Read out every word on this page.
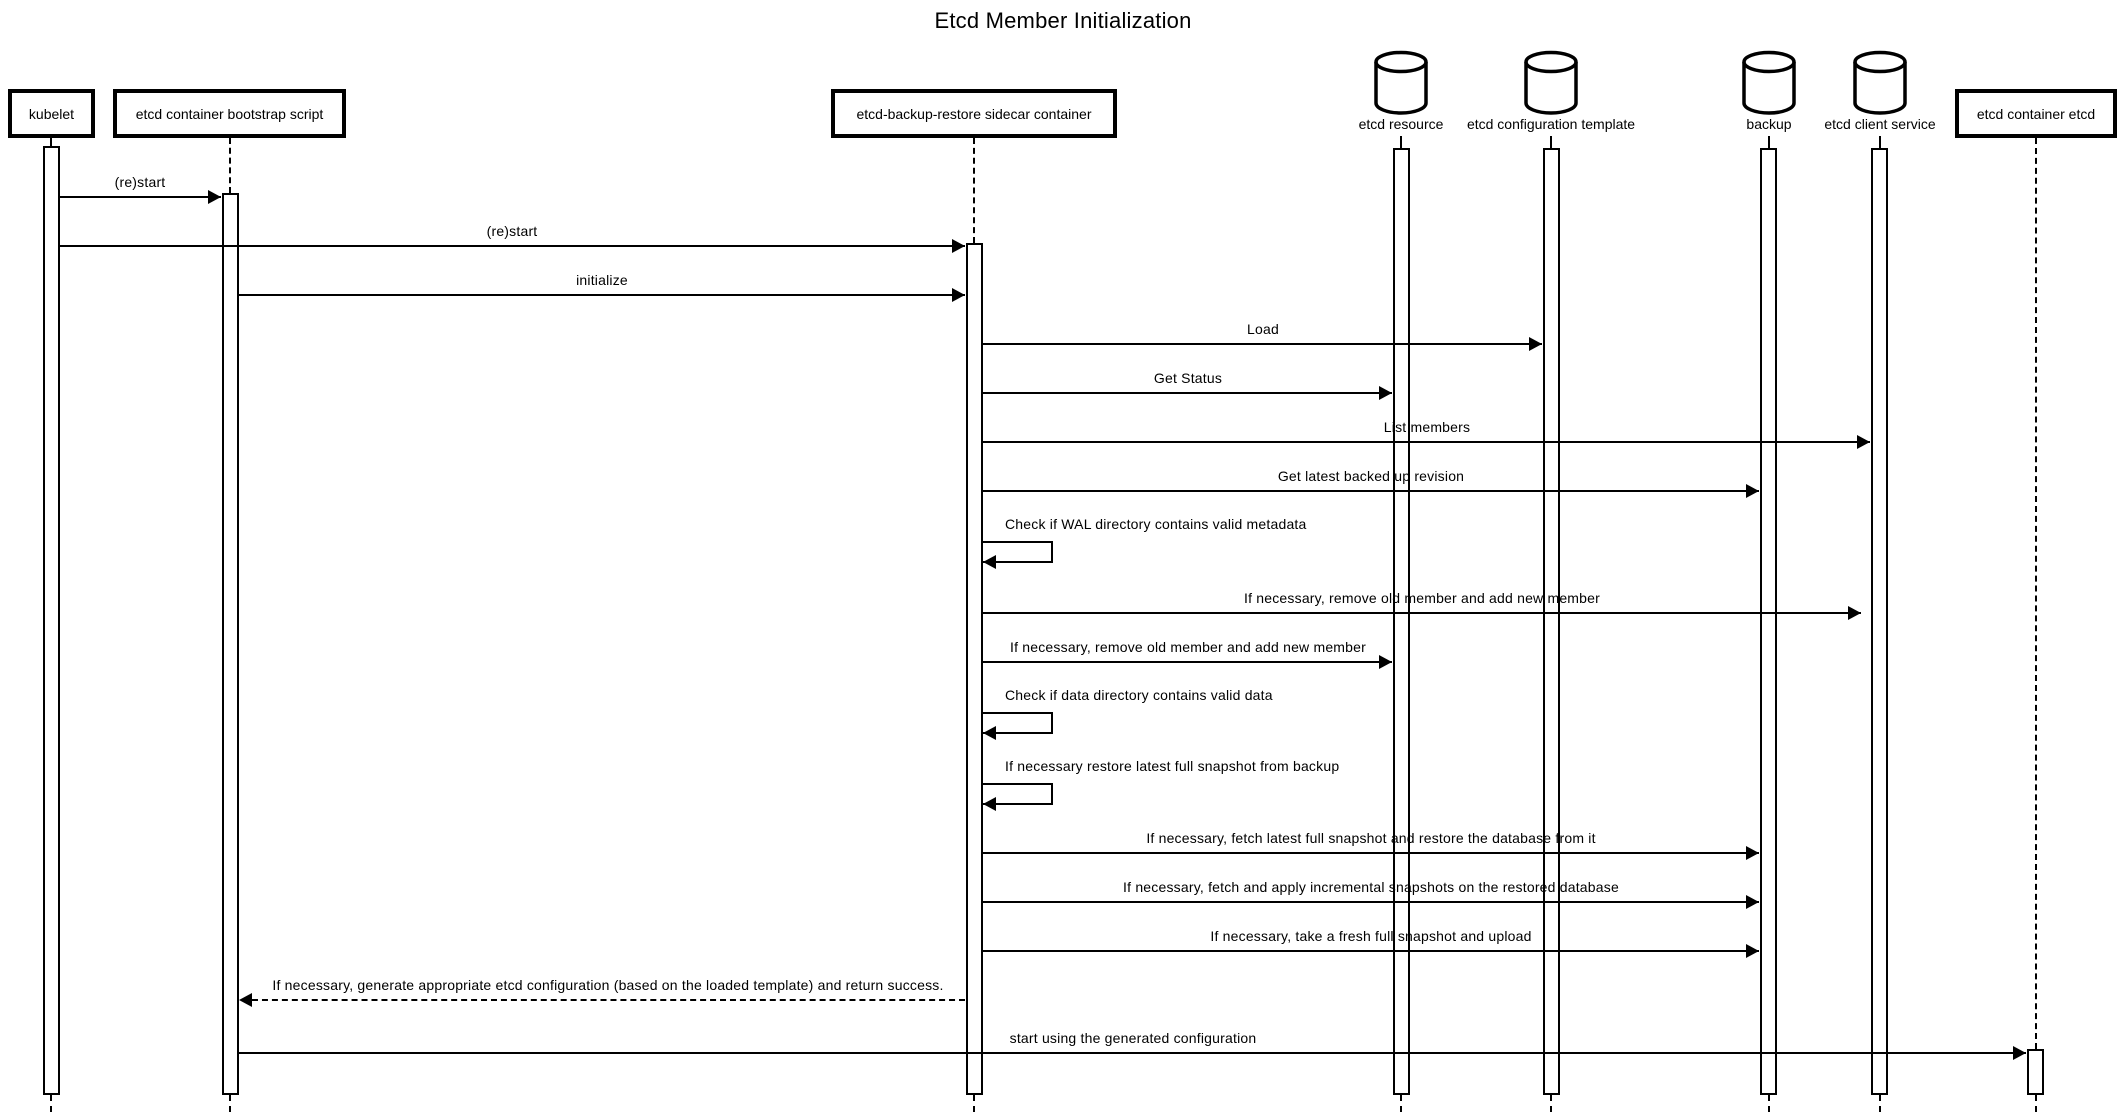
Etcd Member Initialization
kubelet	etcd container bootstrap script	etcd-backup-restore sidecar container	etcd container etcd
etcd resource etcd configuration template	backup etcd client service
(re)start
(re)start
initialize
Load
Get Status
List members
Get latest backed up revision
Check if WAL directory contains valid metadata
If necessary, remove old member and add new member
If necessary, remove old member and add new member
Check if data directory contains valid data
If necessary restore latest full snapshot from backup
If necessary, fetch latest full snapshot and restore the database from it
If necessary, fetch and apply incremental snapshots on the restored database
If necessary, take a fresh full snapshot and upload
If necessary, generate appropriate etcd configuration (based on the loaded template) and return success.
start using the generated configuration
